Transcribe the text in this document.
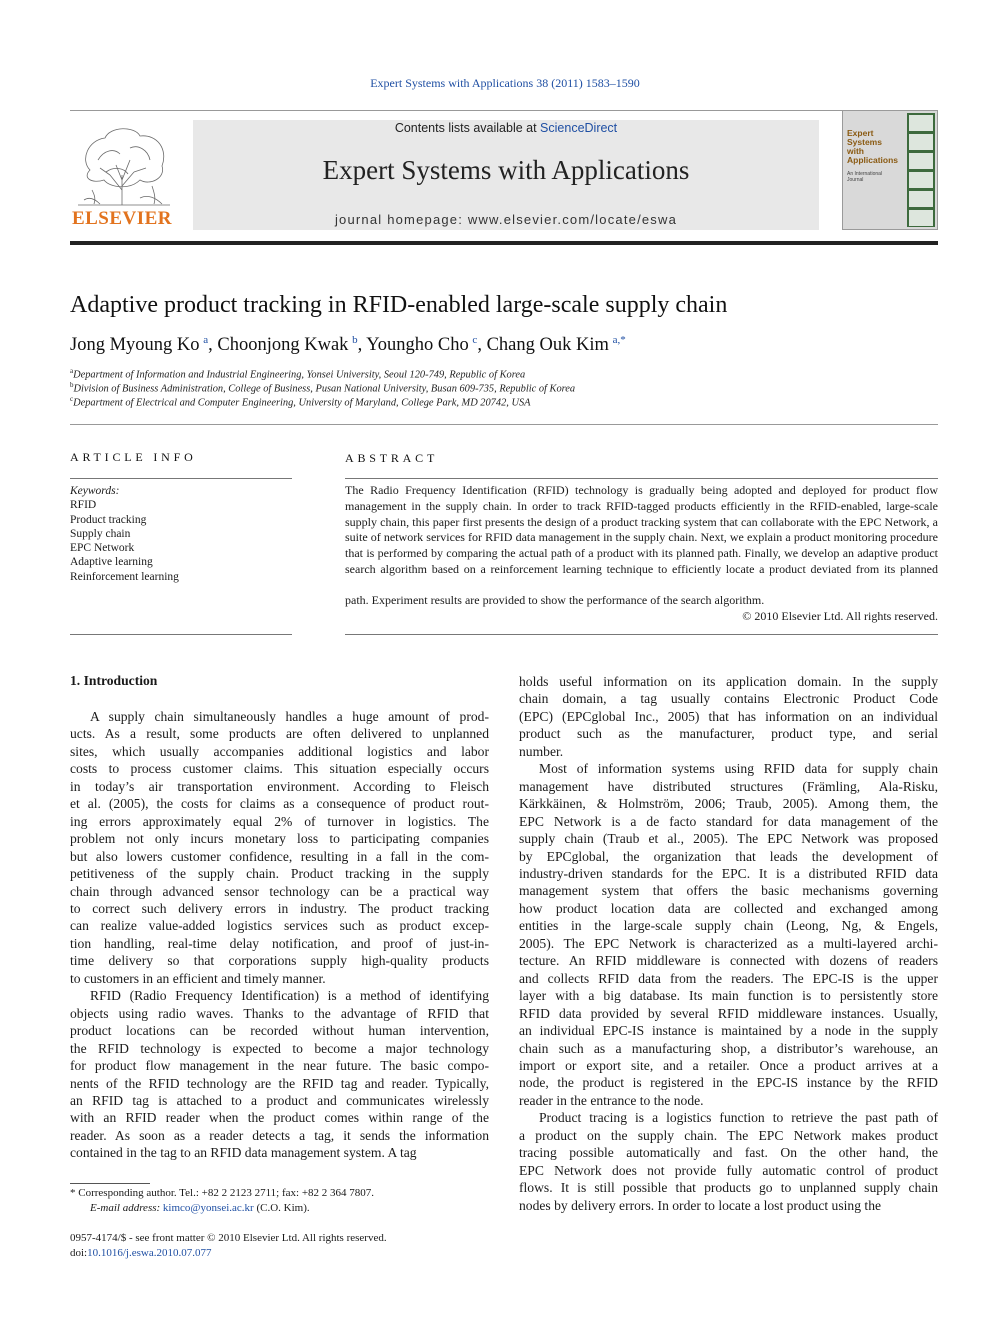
Expert Systems with Applications 38 (2011) 1583–1590
ELSEVIER
Contents lists available at ScienceDirect
Expert Systems with Applications
journal homepage: www.elsevier.com/locate/eswa
Expert
Systems
with
Applications
An International
Journal
Adaptive product tracking in RFID-enabled large-scale supply chain
Jong Myoung Ko  $^a$, Choonjong Kwak  $^b$, Youngho Cho  $^c$, Chang Ouk Kim  $^{a,*}$
$^a$Department of Information and Industrial Engineering, Yonsei University, Seoul 120-749, Republic of Korea
$^b$Division of Business Administration, College of Business, Pusan National University, Busan 609-735, Republic of Korea
$^c$Department of Electrical and Computer Engineering, University of Maryland, College Park, MD 20742, USA
ARTICLE INFO	ABSTRACT
Keywords:
RFID
Product tracking
Supply chain
EPC Network
Adaptive learning
Reinforcement learning
The Radio Frequency Identification (RFID) technology is gradually being adopted and deployed for product flow management in the supply chain. In order to track RFID-tagged products efficiently in the RFID-enabled, large-scale supply chain, this paper first presents the design of a product tracking system that can collaborate with the EPC Network, a suite of network services for RFID data management in the supply chain. Next, we explain a product monitoring procedure that is performed by comparing the actual path of a product with its planned path. Finally, we develop an adaptive product search algorithm based on a reinforcement learning technique to efficiently locate a product deviated from its planned
path. Experiment results are provided to show the performance of the search algorithm.
© 2010 Elsevier Ltd. All rights reserved.
1. Introduction
A supply chain simultaneously handles a huge amount of prod-
ucts. As a result, some products are often delivered to unplanned
sites, which usually accompanies additional logistics and labor
costs to process customer claims. This situation especially occurs
in today’s air transportation environment. According to Fleisch
et al. (2005), the costs for claims as a consequence of product rout-
ing errors approximately equal 2% of turnover in logistics. The
problem not only incurs monetary loss to participating companies
but also lowers customer confidence, resulting in a fall in the com-
petitiveness of the supply chain. Product tracking in the supply
chain through advanced sensor technology can be a practical way
to correct such delivery errors in industry. The product tracking
can realize value-added logistics services such as product excep-
tion handling, real-time delay notification, and proof of just-in-
time delivery so that corporations supply high-quality products
to customers in an efficient and timely manner.
RFID (Radio Frequency Identification) is a method of identifying
objects using radio waves. Thanks to the advantage of RFID that
product locations can be recorded without human intervention,
the RFID technology is expected to become a major technology
for product flow management in the near future. The basic compo-
nents of the RFID technology are the RFID tag and reader. Typically,
an RFID tag is attached to a product and communicates wirelessly
with an RFID reader when the product comes within range of the
reader. As soon as a reader detects a tag, it sends the information
contained in the tag to an RFID data management system. A tag
holds useful information on its application domain. In the supply
chain domain, a tag usually contains Electronic Product Code
(EPC) (EPCglobal Inc., 2005) that has information on an individual
product such as the manufacturer, product type, and serial
number.
Most of information systems using RFID data for supply chain
management have distributed structures (Främling, Ala-Risku,
Kärkkäinen, & Holmström, 2006; Traub, 2005). Among them, the
EPC Network is a de facto standard for data management of the
supply chain (Traub et al., 2005). The EPC Network was proposed
by EPCglobal, the organization that leads the development of
industry-driven standards for the EPC. It is a distributed RFID data
management system that offers the basic mechanisms governing
how product location data are collected and exchanged among
entities in the large-scale supply chain (Leong, Ng, & Engels,
2005). The EPC Network is characterized as a multi-layered archi-
tecture. An RFID middleware is connected with dozens of readers
and collects RFID data from the readers. The EPC-IS is the upper
layer with a big database. Its main function is to persistently store
RFID data provided by several RFID middleware instances. Usually,
an individual EPC-IS instance is maintained by a node in the supply
chain such as a manufacturing shop, a distributor’s warehouse, an
import or export site, and a retailer. Once a product arrives at a
node, the product is registered in the EPC-IS instance by the RFID
reader in the entrance to the node.
Product tracing is a logistics function to retrieve the past path of
a product on the supply chain. The EPC Network makes product
tracing possible automatically and fast. On the other hand, the
EPC Network does not provide fully automatic control of product
flows. It is still possible that products go to unplanned supply chain
nodes by delivery errors. In order to locate a lost product using the
* Corresponding author. Tel.: +82 2 2123 2711; fax: +82 2 364 7807.
E-mail address: kimco@yonsei.ac.kr (C.O. Kim).
0957-4174/$ - see front matter © 2010 Elsevier Ltd. All rights reserved.
doi:10.1016/j.eswa.2010.07.077
